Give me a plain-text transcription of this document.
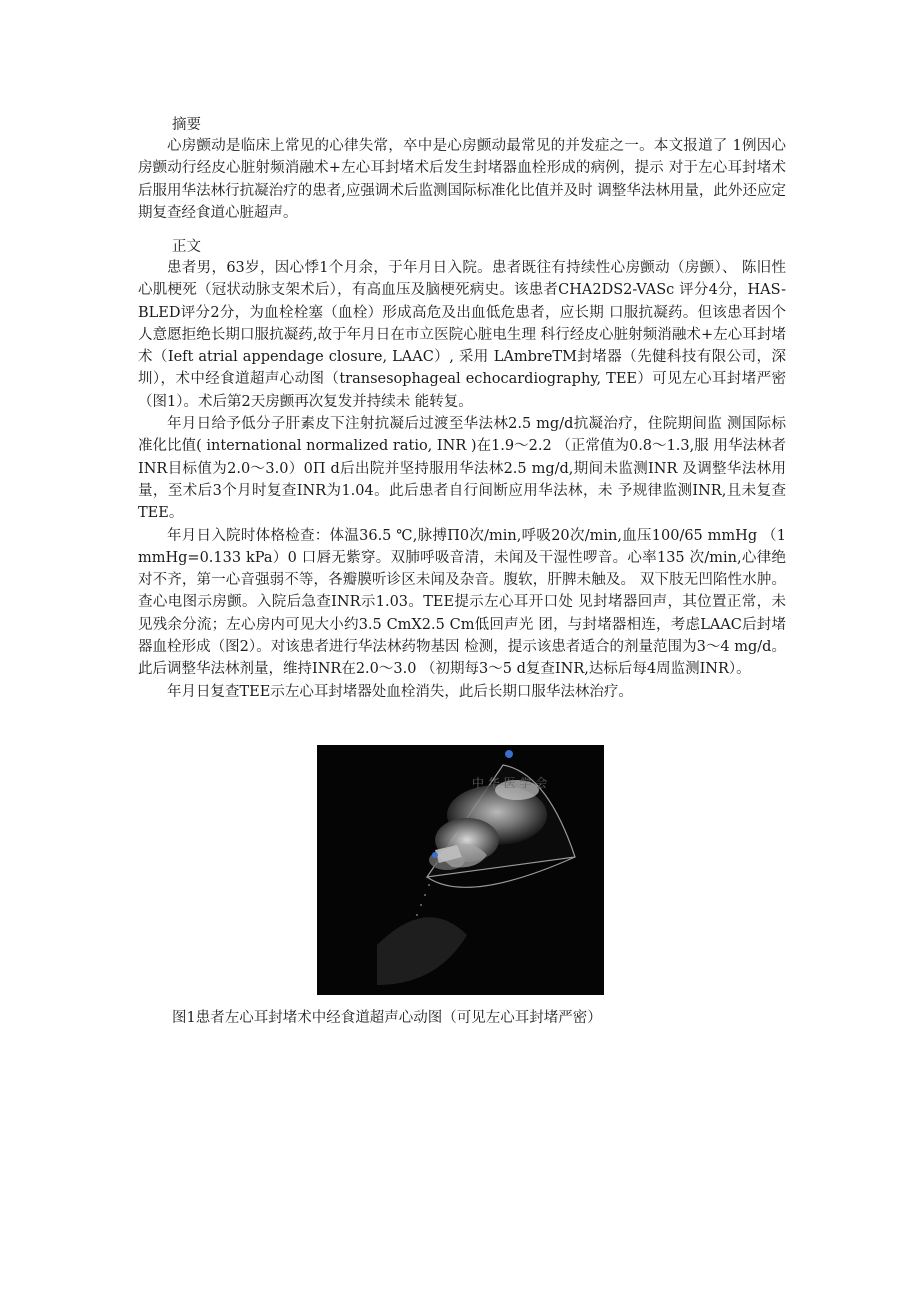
摘要

心房颤动是临床上常见的心律失常，卒中是心房颤动最常见的并发症之一。本文报道了 1例因心房颤动行经皮心脏射频消融术+左心耳封堵术后发生封堵器血栓形成的病例，提示 对于左心耳封堵术后服用华法林行抗凝治疗的患者,应强调术后监测国际标准化比值并及时 调整华法林用量，此外还应定期复查经食道心脏超声。

正文

患者男，63岁，因心悸1个月余，于年月日入院。患者既往有持续性心房颤动（房颤）、 陈旧性心肌梗死（冠状动脉支架术后），有高血压及脑梗死病史。该患者CHA2DS2-VASc 评分4分，HAS-BLED评分2分，为血栓栓塞（血栓）形成高危及出血低危患者，应长期 口服抗凝药。但该患者因个人意愿拒绝长期口服抗凝药,故于年月日在市立医院心脏电生理 科行经皮心脏射频消融术+左心耳封堵术（Ieft atrial appendage closure, LAAC）, 采用 LAmbreTM封堵器（先健科技有限公司，深圳），术中经食道超声心动图（transesophageal echocardiography, TEE）可见左心耳封堵严密（图1）。术后第2天房颤再次复发并持续未 能转复。

年月日给予低分子肝素皮下注射抗凝后过渡至华法林2.5 mg/d抗凝治疗，住院期间监 测国际标准化比值( international normalized ratio, INR )在1.9～2.2 （正常值为0.8～1.3,服 用华法林者INR目标值为2.0～3.0）0Π d后出院并坚持服用华法林2.5 mg/d,期间未监测INR 及调整华法林用量，至术后3个月时复查INR为1.04。此后患者自行间断应用华法林，未 予规律监测INR,且未复查TEE。

年月日入院时体格检查：体温36.5 ℃,脉搏Π0次/min,呼吸20次/min,血压100/65 mmHg （1 mmHg=0.133 kPa）0 口唇无紫穿。双肺呼吸音清，未闻及干湿性啰音。心率135 次/min,心律绝对不齐，第一心音强弱不等，各瓣膜听诊区未闻及杂音。腹软，肝脾未触及。 双下肢无凹陷性水肿。查心电图示房颤。入院后急查INR示1.03。TEE提示左心耳开口处 见封堵器回声，其位置正常，未见残余分流；左心房内可见大小约3.5 CmX2.5 Cm低回声光 团，与封堵器相连，考虑LAAC后封堵器血栓形成（图2）。对该患者进行华法林药物基因 检测，提示该患者适合的剂量范围为3～4 mg/d。此后调整华法林剂量，维持INR在2.0～3.0 （初期每3～5 d复查INR,达标后每4周监测INR）。

年月日复查TEE示左心耳封堵器处血栓消失，此后长期口服华法林治疗。

中 华 医 学 会
图1患者左心耳封堵术中经食道超声心动图（可见左心耳封堵严密）
